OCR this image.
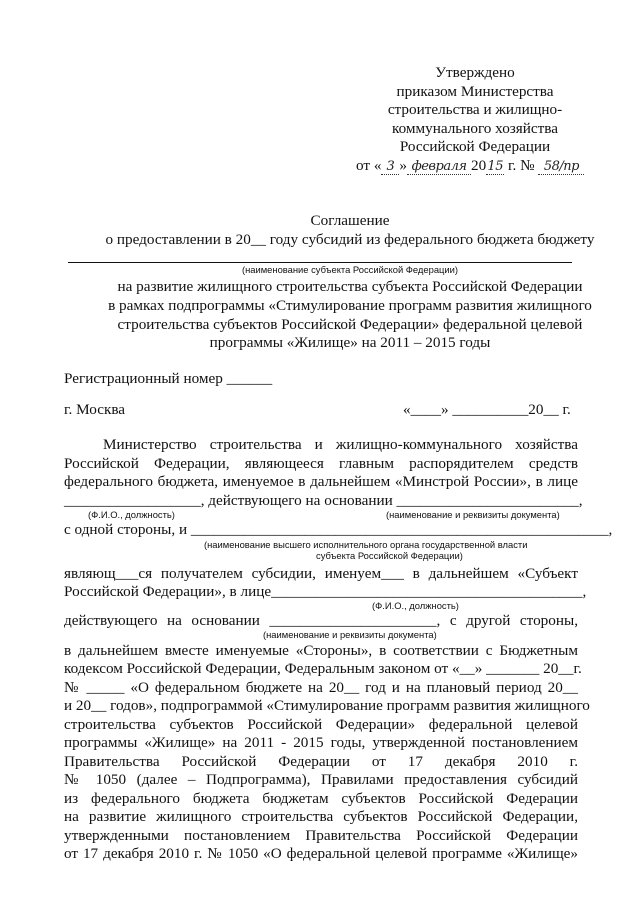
Утверждено
приказом Министерства
строительства и жилищно-
коммунального хозяйства
Российской Федерации
от « 3 » февраля 2015 г. № 58/пр
Соглашение
о предоставлении в 20__ году субсидий из федерального бюджета бюджету
(наименование субъекта Российской Федерации)
на развитие жилищного строительства субъекта Российской Федерации
в рамках подпрограммы «Стимулирование программ развития жилищного
строительства субъектов Российской Федерации» федеральной целевой
программы «Жилище» на 2011 – 2015 годы
Регистрационный номер ______
г. Москва	«____» __________20__ г.
Министерство строительства и жилищно-коммунального хозяйства
Российской Федерации, являющееся главным распорядителем средств
федерального бюджета, именуемое в дальнейшем «Минстрой России», в лице
__________________, действующего на основании ________________________,
(Ф.И.О., должность)	(наименование и реквизиты документа)
с одной стороны, и _______________________________________________________,
(наименование высшего исполнительного органа государственной власти
субъекта Российской Федерации)
являющ___ся получателем субсидии, именуем___ в дальнейшем «Субъект
Российской Федерации», в лице_________________________________________,
(Ф.И.О., должность)
действующего на основании ______________________, с другой стороны,
(наименование и реквизиты документа)
в дальнейшем вместе именуемые «Стороны», в соответствии с Бюджетным
кодексом Российской Федерации, Федеральным законом от «__» _______ 20__г.
№ _____ «О федеральном бюджете на 20__ год и на плановый период 20__
и 20__ годов», подпрограммой «Стимулирование программ развития жилищного
строительства субъектов Российской Федерации» федеральной целевой
программы «Жилище» на 2011 - 2015 годы, утвержденной постановлением
Правительства Российской Федерации от 17 декабря 2010 г.
№ 1050 (далее – Подпрограмма), Правилами предоставления субсидий
из федерального бюджета бюджетам субъектов Российской Федерации
на развитие жилищного строительства субъектов Российской Федерации,
утвержденными постановлением Правительства Российской Федерации
от 17 декабря 2010 г. № 1050 «О федеральной целевой программе «Жилище»
